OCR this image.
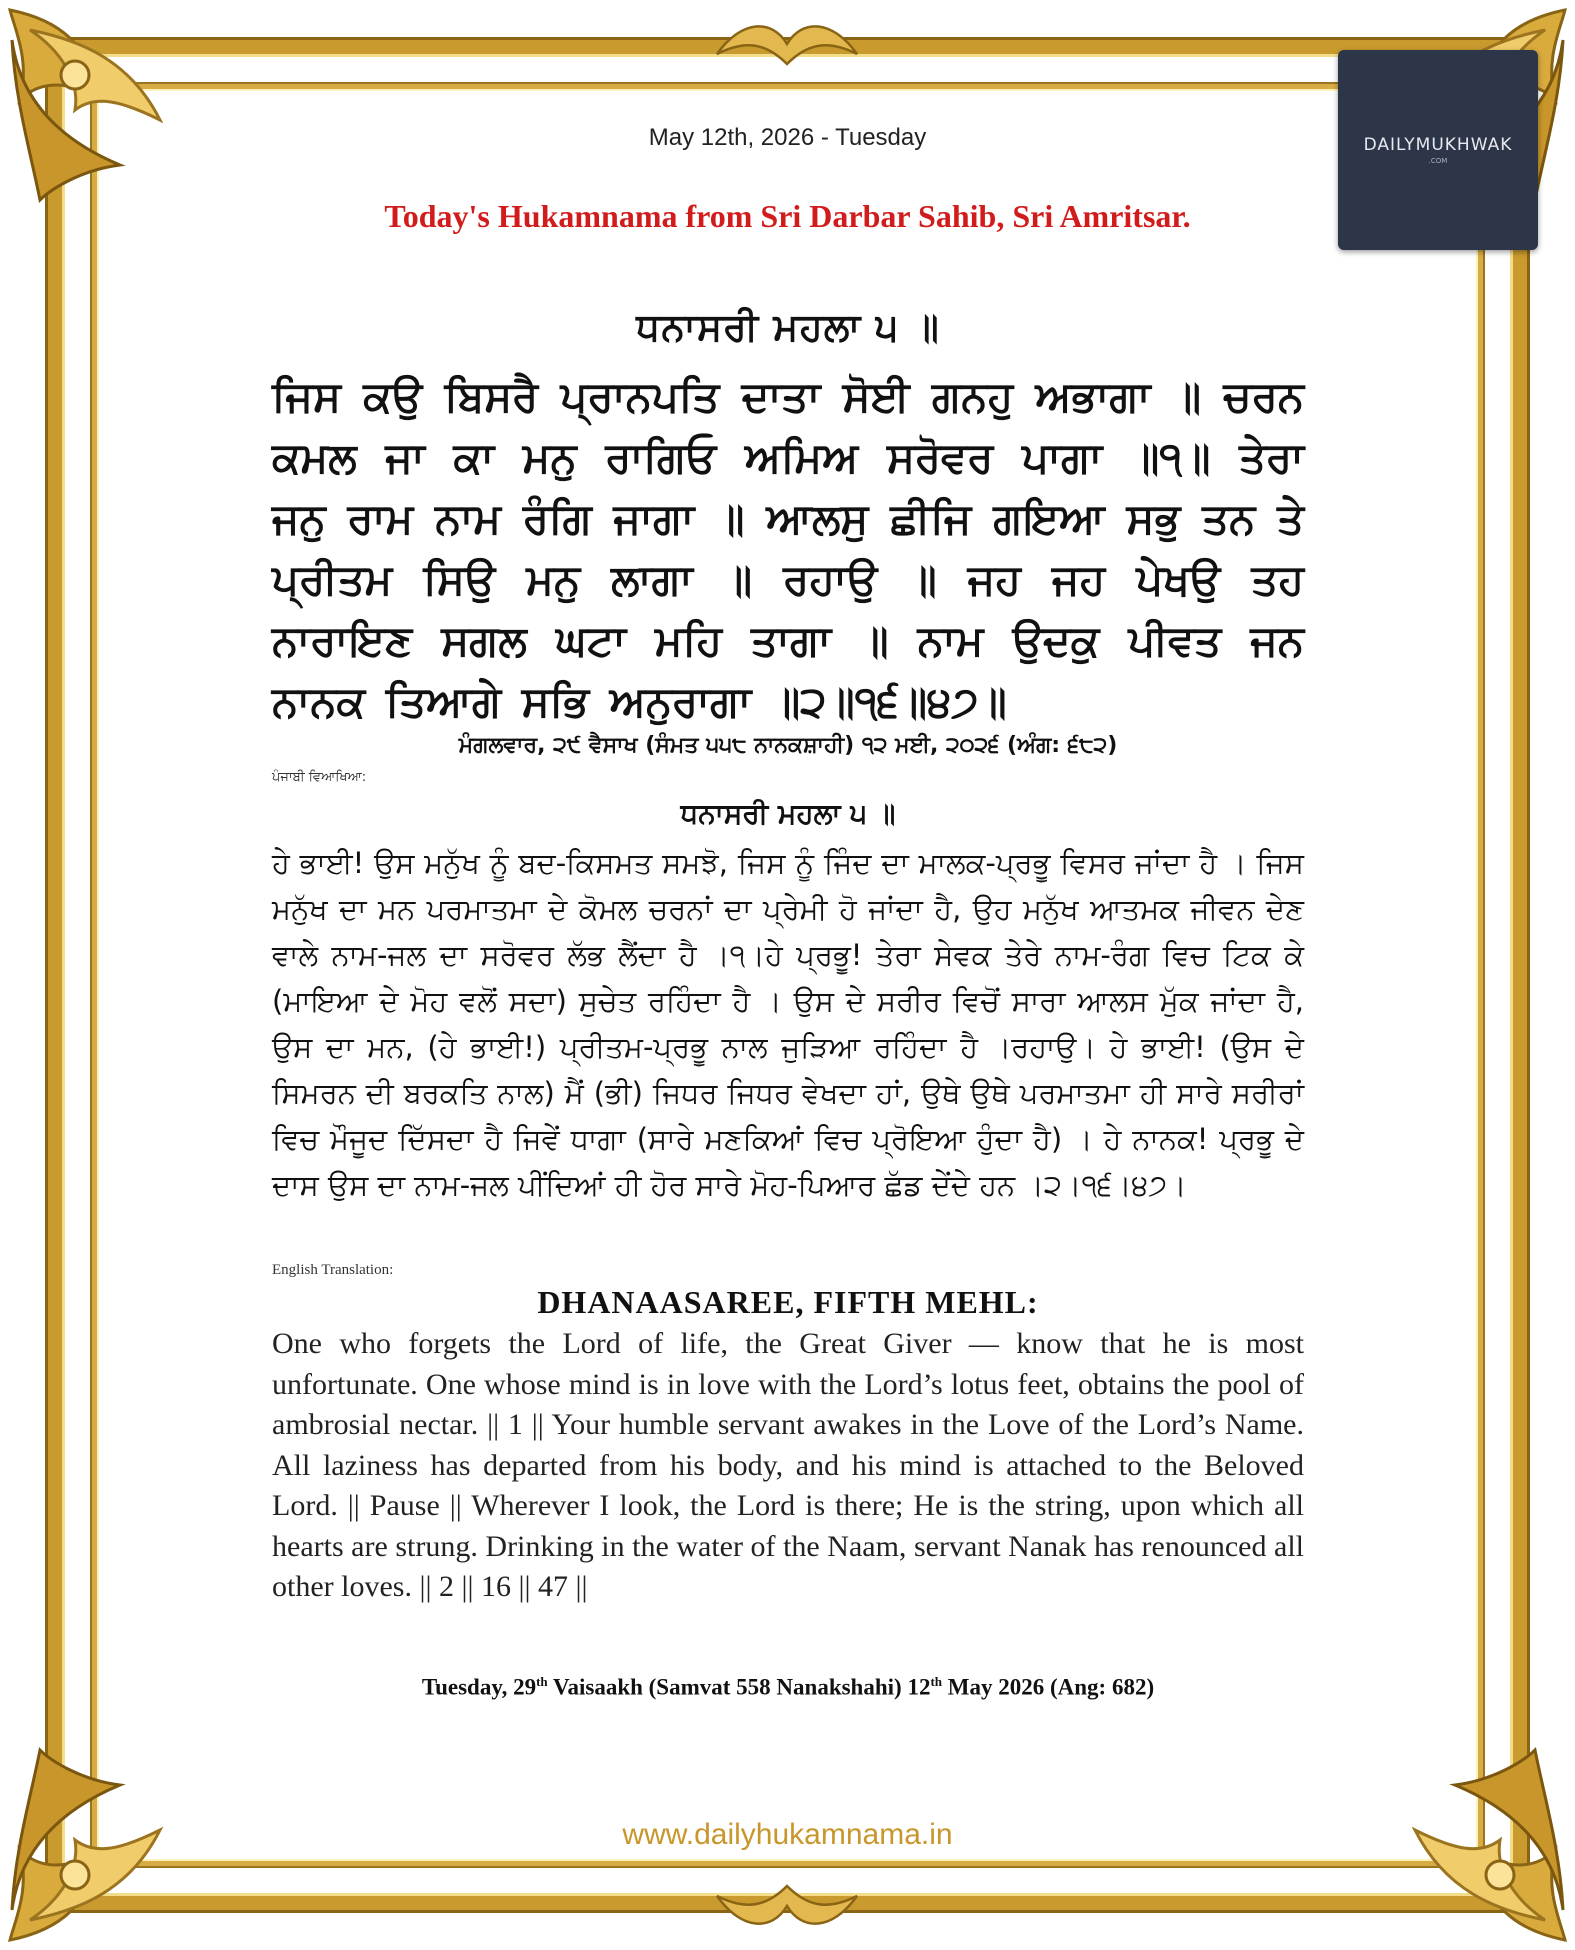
DAILYMUKHWAK
.COM
May 12th, 2026 - Tuesday
Today's Hukamnama from Sri Darbar Sahib, Sri Amritsar.
ਧਨਾਸਰੀ ਮਹਲਾ ੫ ॥
ਜਿਸ ਕਉ ਬਿਸਰੈ ਪ੍ਰਾਨਪਤਿ ਦਾਤਾ ਸੋਈ ਗਨਹੁ ਅਭਾਗਾ ॥ ਚਰਨ ਕਮਲ ਜਾ ਕਾ ਮਨੁ ਰਾਗਿਓ ਅਮਿਅ ਸਰੋਵਰ ਪਾਗਾ ॥੧॥ ਤੇਰਾ ਜਨੁ ਰਾਮ ਨਾਮ ਰੰਗਿ ਜਾਗਾ ॥ ਆਲਸੁ ਛੀਜਿ ਗਇਆ ਸਭੁ ਤਨ ਤੇ ਪ੍ਰੀਤਮ ਸਿਉ ਮਨੁ ਲਾਗਾ ॥ ਰਹਾਉ ॥ ਜਹ ਜਹ ਪੇਖਉ ਤਹ ਨਾਰਾਇਣ ਸਗਲ ਘਟਾ ਮਹਿ ਤਾਗਾ ॥ ਨਾਮ ਉਦਕੁ ਪੀਵਤ ਜਨ ਨਾਨਕ ਤਿਆਗੇ ਸਭਿ ਅਨੁਰਾਗਾ ॥੨॥੧੬॥੪੭॥
ਮੰਗਲਵਾਰ, ੨੯ ਵੈਸਾਖ (ਸੰਮਤ ੫੫੮ ਨਾਨਕਸ਼ਾਹੀ) ੧੨ ਮਈ, ੨੦੨੬ (ਅੰਗ: ੬੮੨)
ਪੰਜਾਬੀ ਵਿਆਖਿਆ:
ਧਨਾਸਰੀ ਮਹਲਾ ੫ ॥
ਹੇ ਭਾਈ! ਉਸ ਮਨੁੱਖ ਨੂੰ ਬਦ-ਕਿਸਮਤ ਸਮਝੋ, ਜਿਸ ਨੂੰ ਜਿੰਦ ਦਾ ਮਾਲਕ-ਪ੍ਰਭੂ ਵਿਸਰ ਜਾਂਦਾ ਹੈ । ਜਿਸ ਮਨੁੱਖ ਦਾ ਮਨ ਪਰਮਾਤਮਾ ਦੇ ਕੋਮਲ ਚਰਨਾਂ ਦਾ ਪ੍ਰੇਮੀ ਹੋ ਜਾਂਦਾ ਹੈ, ਉਹ ਮਨੁੱਖ ਆਤਮਕ ਜੀਵਨ ਦੇਣ ਵਾਲੇ ਨਾਮ-ਜਲ ਦਾ ਸਰੋਵਰ ਲੱਭ ਲੈਂਦਾ ਹੈ ।੧।ਹੇ ਪ੍ਰਭੂ! ਤੇਰਾ ਸੇਵਕ ਤੇਰੇ ਨਾਮ-ਰੰਗ ਵਿਚ ਟਿਕ ਕੇ (ਮਾਇਆ ਦੇ ਮੋਹ ਵਲੋਂ ਸਦਾ) ਸੁਚੇਤ ਰਹਿੰਦਾ ਹੈ । ਉਸ ਦੇ ਸਰੀਰ ਵਿਚੋਂ ਸਾਰਾ ਆਲਸ ਮੁੱਕ ਜਾਂਦਾ ਹੈ, ਉਸ ਦਾ ਮਨ, (ਹੇ ਭਾਈ!) ਪ੍ਰੀਤਮ-ਪ੍ਰਭੂ ਨਾਲ ਜੁੜਿਆ ਰਹਿੰਦਾ ਹੈ ।ਰਹਾਉ। ਹੇ ਭਾਈ! (ਉਸ ਦੇ ਸਿਮਰਨ ਦੀ ਬਰਕਤਿ ਨਾਲ) ਮੈਂ (ਭੀ) ਜਿਧਰ ਜਿਧਰ ਵੇਖਦਾ ਹਾਂ, ਉਥੇ ਉਥੇ ਪਰਮਾਤਮਾ ਹੀ ਸਾਰੇ ਸਰੀਰਾਂ ਵਿਚ ਮੌਜੂਦ ਦਿੱਸਦਾ ਹੈ ਜਿਵੇਂ ਧਾਗਾ (ਸਾਰੇ ਮਣਕਿਆਂ ਵਿਚ ਪ੍ਰੋਇਆ ਹੁੰਦਾ ਹੈ) । ਹੇ ਨਾਨਕ! ਪ੍ਰਭੂ ਦੇ ਦਾਸ ਉਸ ਦਾ ਨਾਮ-ਜਲ ਪੀਂਦਿਆਂ ਹੀ ਹੋਰ ਸਾਰੇ ਮੋਹ-ਪਿਆਰ ਛੱਡ ਦੇਂਦੇ ਹਨ ।੨।੧੬।੪੭।
English Translation:
DHANAASAREE, FIFTH MEHL:
One who forgets the Lord of life, the Great Giver — know that he is most unfortunate. One whose mind is in love with the Lord’s lotus feet, obtains the pool of ambrosial nectar. || 1 || Your humble servant awakes in the Love of the Lord’s Name. All laziness has departed from his body, and his mind is attached to the Beloved Lord. || Pause || Wherever I look, the Lord is there; He is the string, upon which all hearts are strung. Drinking in the water of the Naam, servant Nanak has renounced all other loves. || 2 || 16 || 47 ||
Tuesday, 29th Vaisaakh (Samvat 558 Nanakshahi) 12th May 2026 (Ang: 682)
www.dailyhukamnama.in
